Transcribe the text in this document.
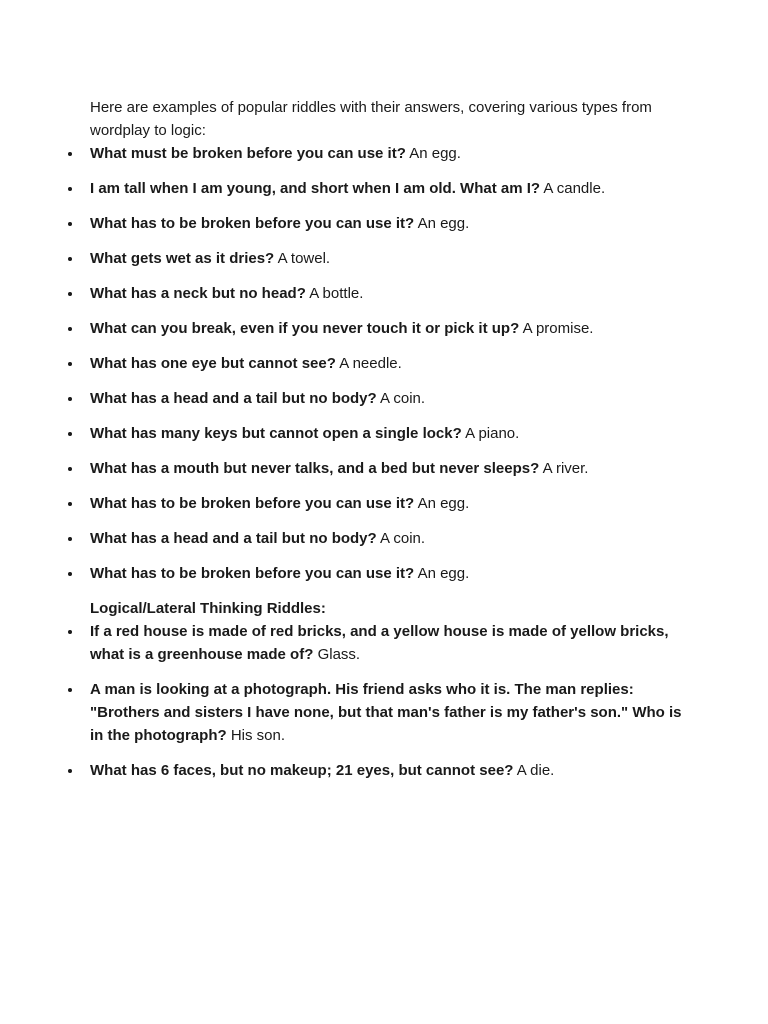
Here are examples of popular riddles with their answers, covering various types from wordplay to logic:

What must be broken before you can use it? An egg.
I am tall when I am young, and short when I am old. What am I? A candle.
What has to be broken before you can use it? An egg.
What gets wet as it dries? A towel.
What has a neck but no head? A bottle.
What can you break, even if you never touch it or pick it up? A promise.
What has one eye but cannot see? A needle.
What has a head and a tail but no body? A coin.
What has many keys but cannot open a single lock? A piano.
What has a mouth but never talks, and a bed but never sleeps? A river.
What has to be broken before you can use it? An egg.
What has a head and a tail but no body? A coin.
What has to be broken before you can use it? An egg.

Logical/Lateral Thinking Riddles:

If a red house is made of red bricks, and a yellow house is made of yellow bricks, what is a greenhouse made of? Glass.
A man is looking at a photograph. His friend asks who it is. The man replies: "Brothers and sisters I have none, but that man's father is my father's son." Who is in the photograph? His son.
What has 6 faces, but no makeup; 21 eyes, but cannot see? A die.
